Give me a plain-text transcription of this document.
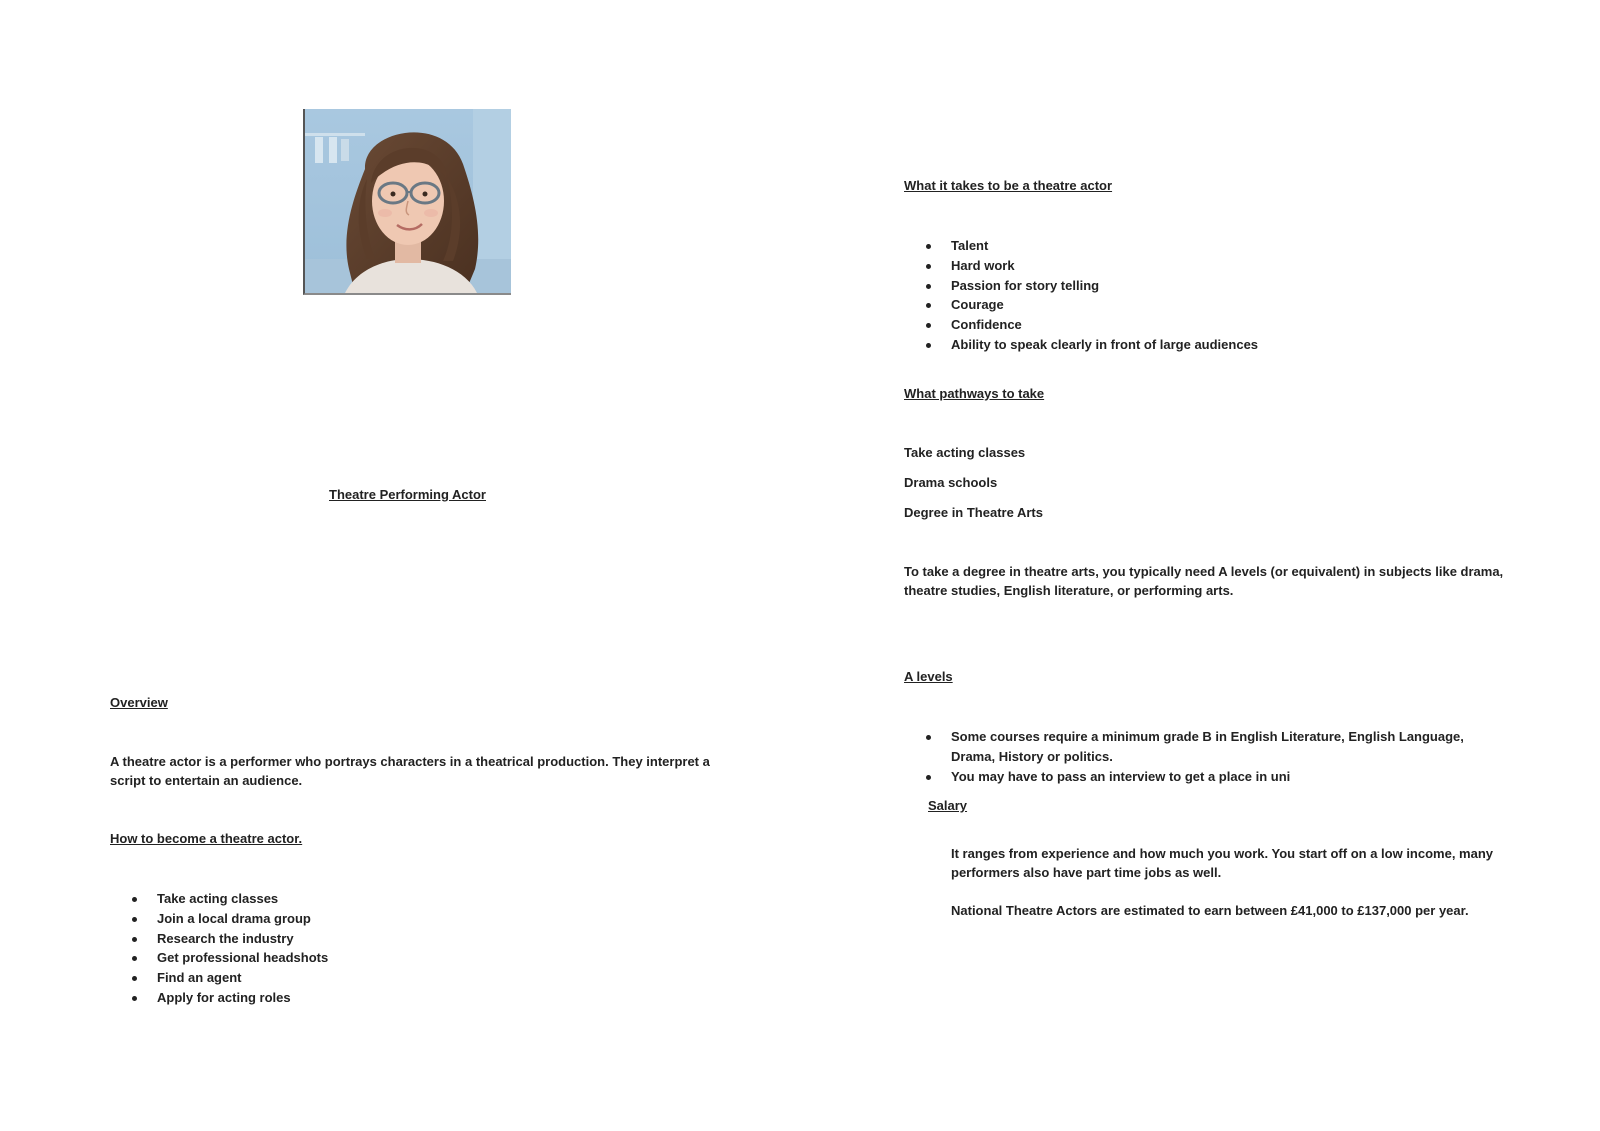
Theatre Performing Actor
Overview
A theatre actor is a performer who portrays characters in a theatrical production. They interpret a script to entertain an audience.
How to become a theatre actor.
Take acting classes
Join a local drama group
Research the industry
Get professional headshots
Find an agent
Apply for acting roles
What it takes to be a theatre actor
Talent
Hard work
Passion for story telling
Courage
Confidence
Ability to speak clearly in front of large audiences
What pathways to take
Take acting classes
Drama schools
Degree in Theatre Arts
To take a degree in theatre arts, you typically need A levels (or equivalent) in subjects like drama, theatre studies, English literature, or performing arts.
A levels
Some courses require a minimum grade B in English Literature, English Language, Drama, History or politics.
You may have to pass an interview to get a place in uni
Salary
It ranges from experience and how much you work. You start off on a low income, many performers also have part time jobs as well.
National Theatre Actors are estimated to earn between £41,000 to £137,000 per year.
